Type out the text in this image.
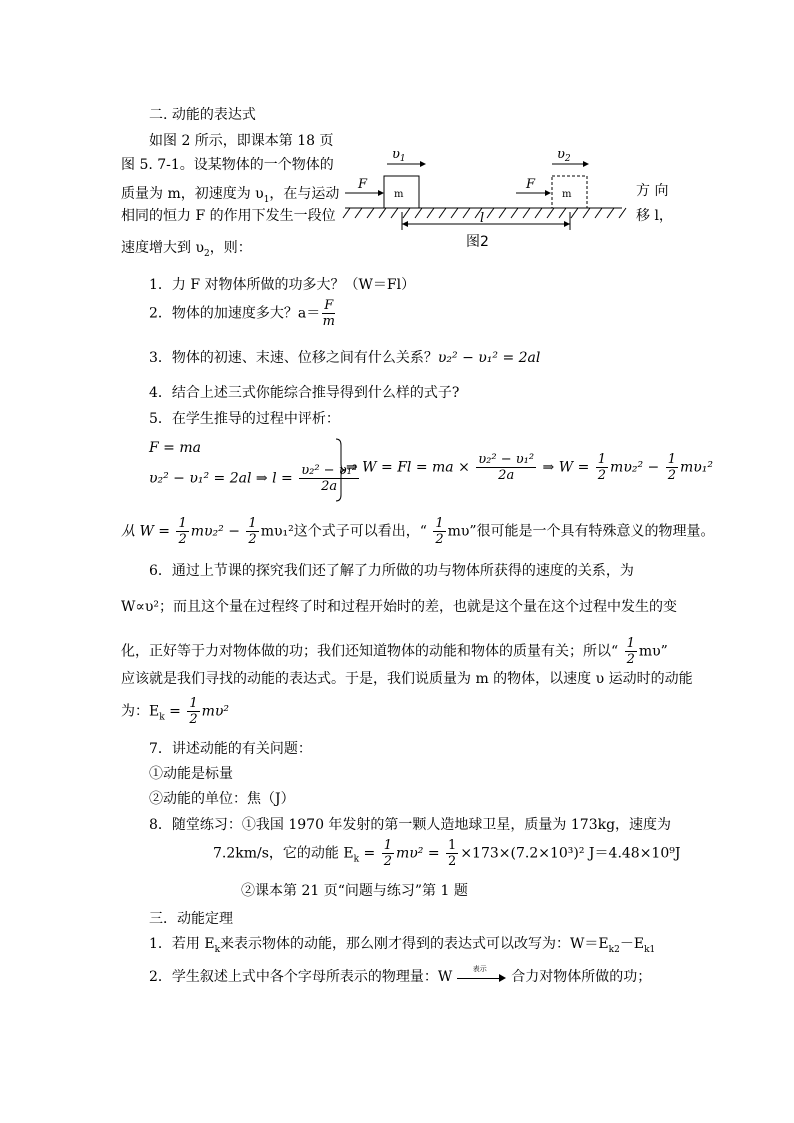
二. 动能的表达式
如图 2 所示，即课本第 18 页
图 5. 7-1。设某物体的一个物体的
质量为 m，初速度为 $\upsilon_1$，在与运动
相同的恒力 F 的作用下发生一段位
速度增大到 $\upsilon_2$，则：
方 向
移 l，
$\upsilon_1$	$\upsilon_2$
F
m
F
m
l
图2
1．力 F 对物体所做的功多大？（W＝Fl）
2．物体的加速度多大？$a= \frac{F}{m}$
3．物体的初速、末速、位移之间有什么关系？υ₂² − υ₁² = 2al
4．结合上述三式你能综合推导得到什么样的式子?
5．在学生推导的过程中评析：
F = ma
υ₂² − υ₁² = 2al ⇒ $l = \frac{\text{υ₂² − υ₁²}}{2a}$
⇒ W = Fl = ma × $\frac{\text{υ₂² − υ₁²}}{2a}$ ⇒ $W = \frac{1}{2} m\upsilon_2^2 - \frac{1}{2} m\upsilon_1^2$
从 $W = \frac{1}{2} m\upsilon_2^2 - \frac{1}{2} m\upsilon_1^2$这个式子可以看出，“ $\frac{1}{2} m\upsilon$”很可能是一个具有特殊意义的物理量。
6．通过上节课的探究我们还了解了力所做的功与物体所获得的速度的关系，为
W∝υ²；而且这个量在过程终了时和过程开始时的差，也就是这个量在这个过程中发生的变
化，正好等于力对物体做的功；我们还知道物体的动能和物体的质量有关；所以“ $\frac{1}{2} m\upsilon$”
应该就是我们寻找的动能的表达式。于是，我们说质量为 m 的物体，以速度 υ 运动时的动能
为：$E_k = \frac{1}{2} m\upsilon^2$
7．讲述动能的有关问题：
①动能是标量
②动能的单位：焦（J）
8．随堂练习：①我国 1970 年发射的第一颗人造地球卫星，质量为 173kg，速度为
7.2km/s，它的动能 $E_k = \frac{1}{2} m\upsilon^2 = \frac{1}{2} \times 173\times(7.2\times 10^3)^2$ J＝4.48×10⁹J
②课本第 21 页“问题与练习”第 1 题
三．动能定理
1．若用 $E_k$来表示物体的动能，那么刚才得到的表达式可以改写为：$W=E_{k2}-E_{k1}$
2．学生叙述上式中各个字母所表示的物理量：W	表示 合力对物体所做的功；
